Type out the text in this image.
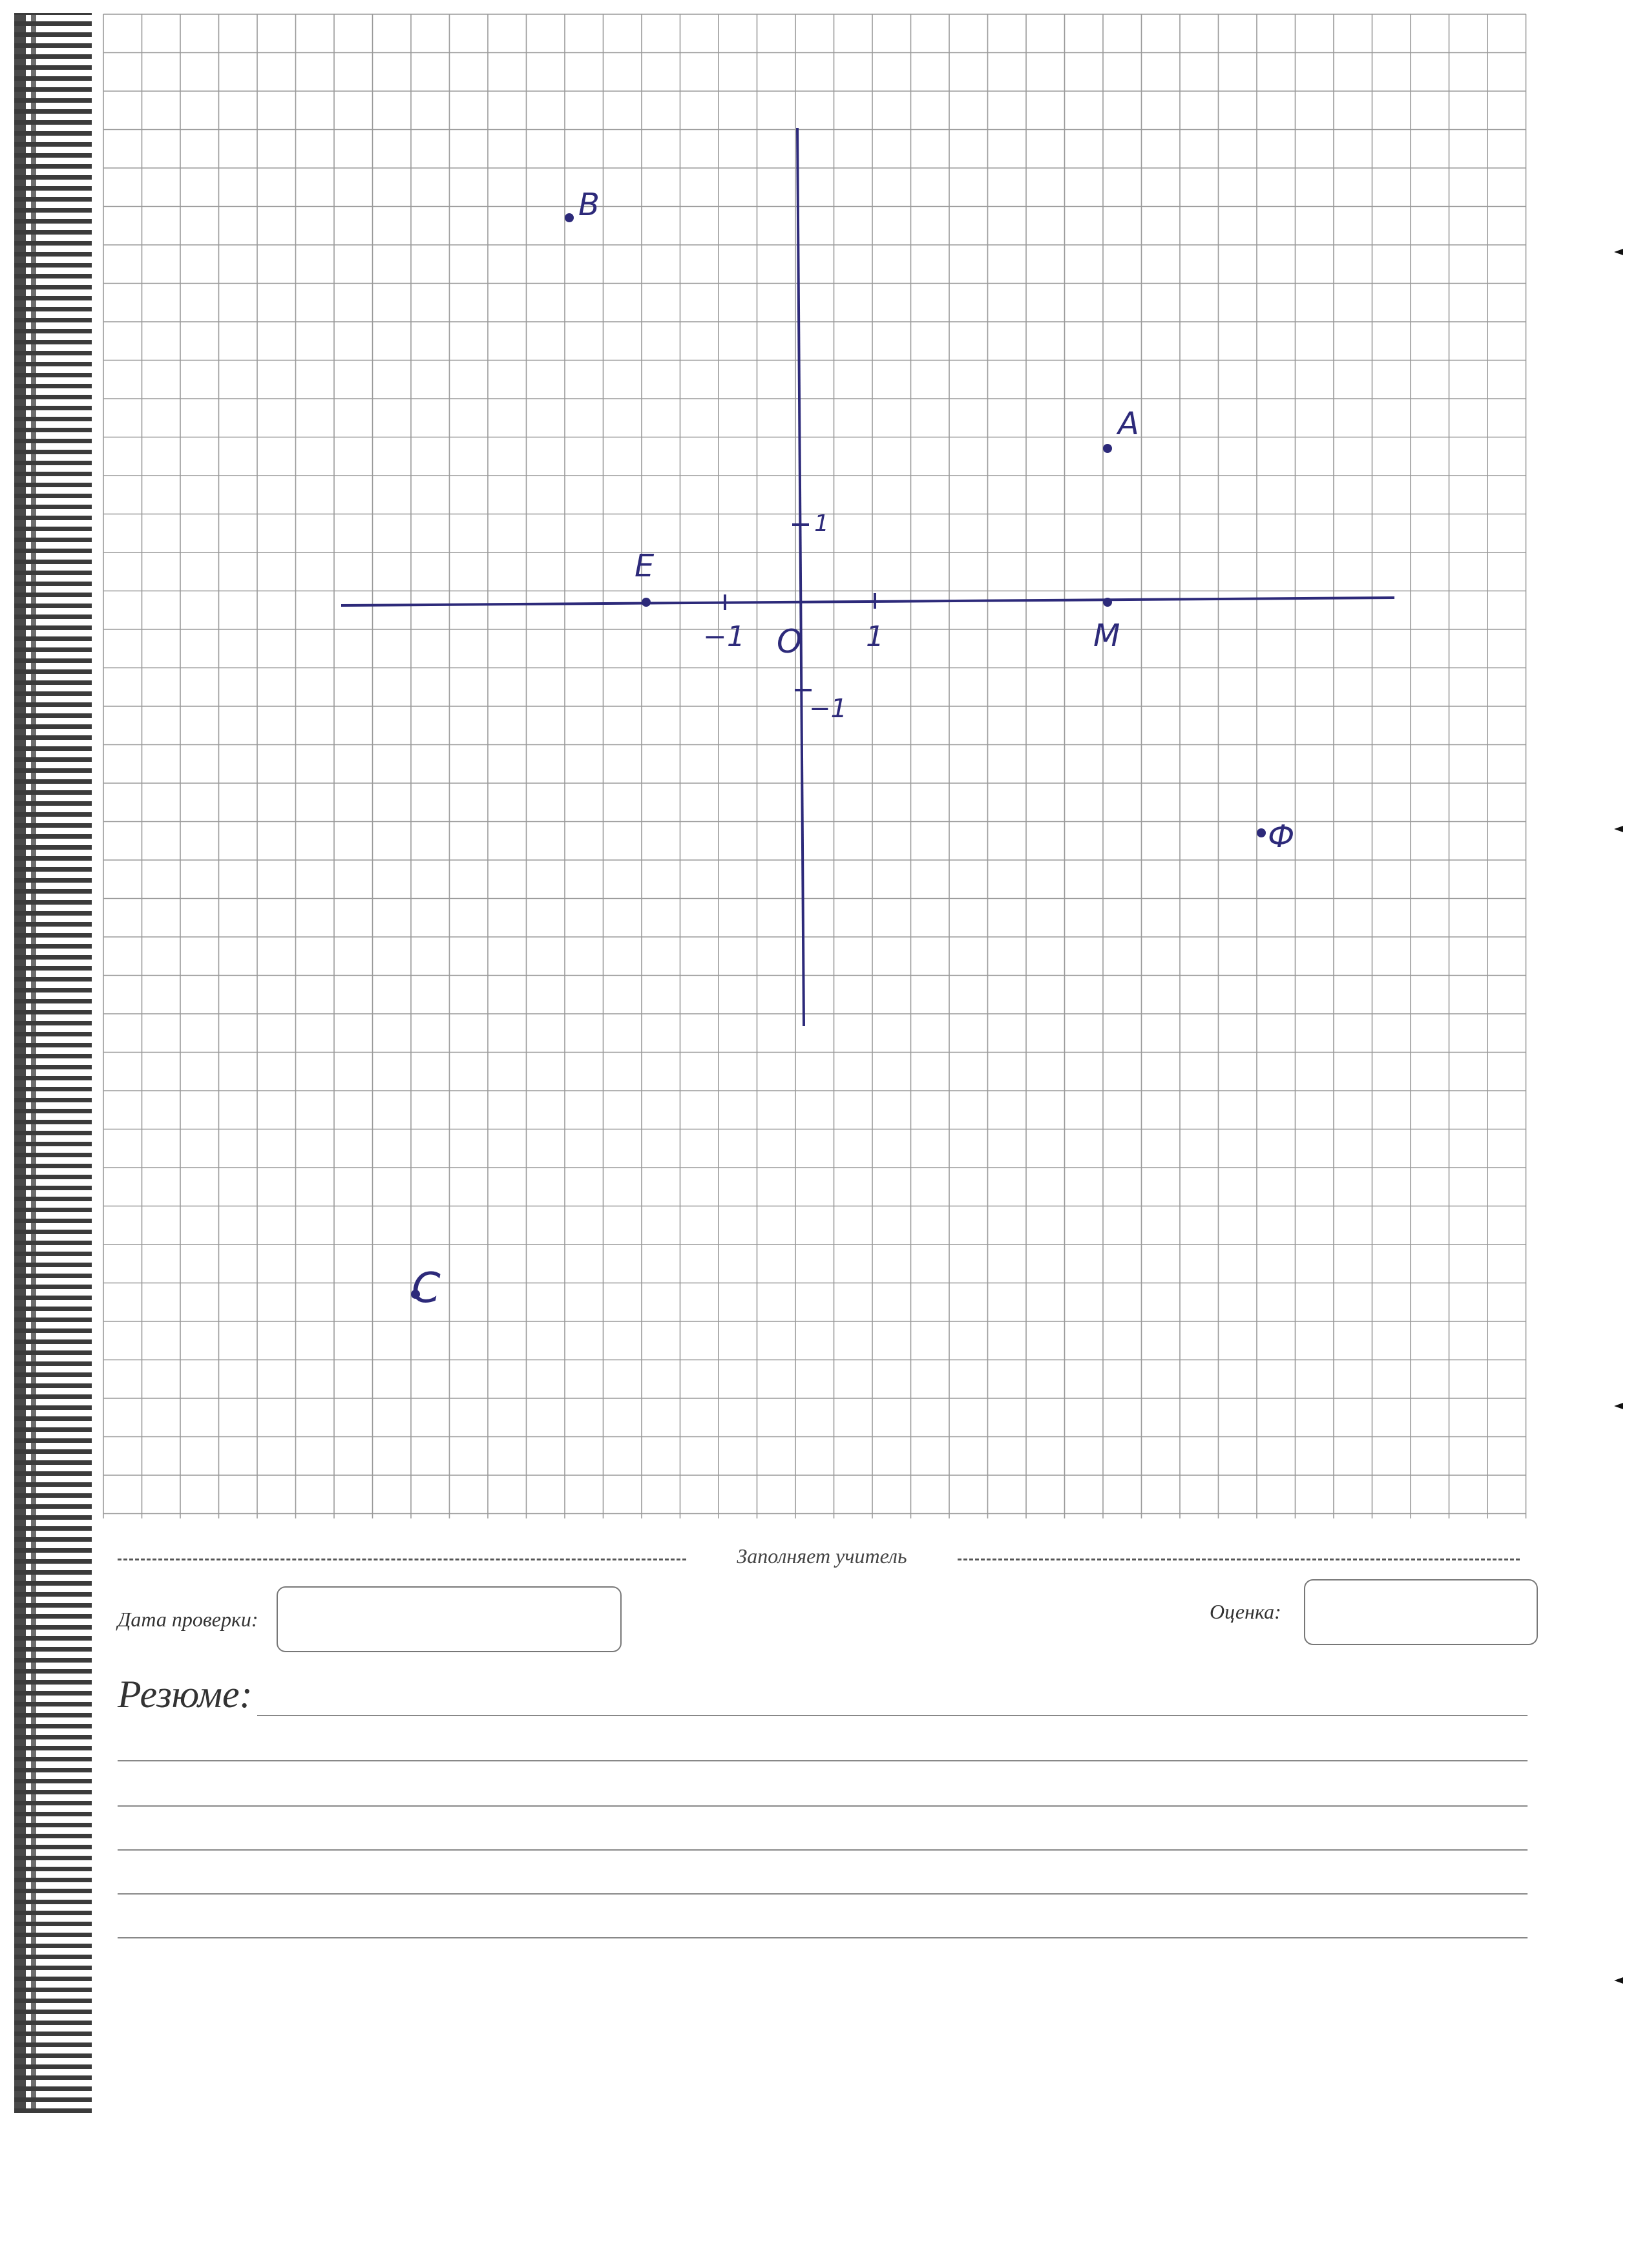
1
−1
−1	1
O
B
A
E
M
Ф
C
Заполняет учитель
Дата проверки:	Оценка:
Резюме:
